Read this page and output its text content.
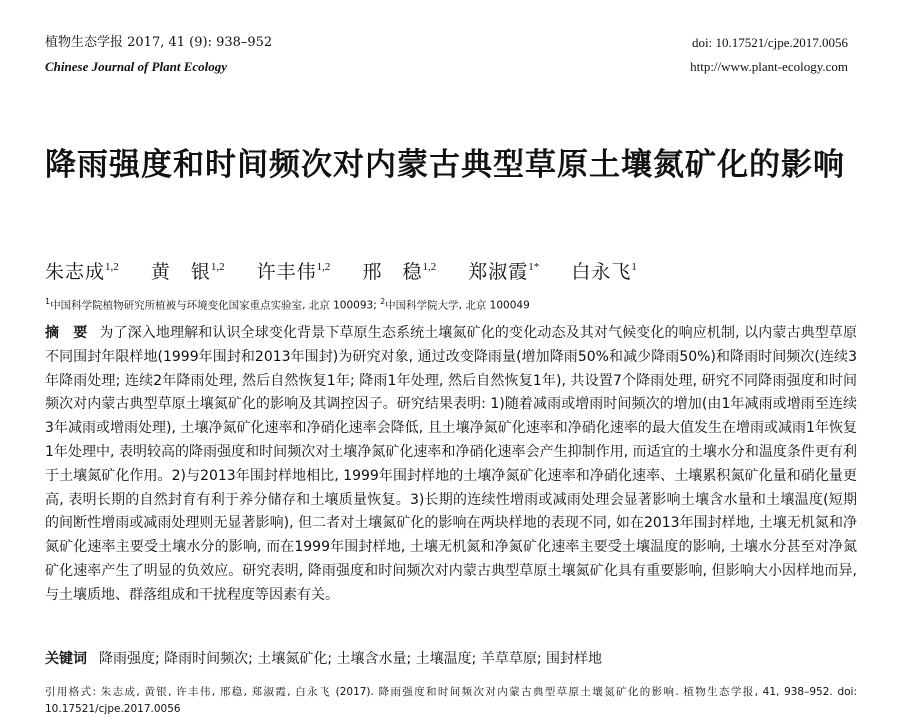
植物生态学报 2017, 41 (9): 938–952
Chinese Journal of Plant Ecology
doi: 10.17521/cjpe.2017.0056
http://www.plant-ecology.com
降雨强度和时间频次对内蒙古典型草原土壤氮矿化的影响
朱志成$^{1,2}$ 黄　银$^{1,2}$ 许丰伟$^{1,2}$ 邢　稳$^{1,2}$ 郑淑霞$^{1*}$ 白永飞$^1$
$^1$中国科学院植物研究所植被与环境变化国家重点实验室, 北京 100093; $^2$中国科学院大学, 北京 100049
摘　要 为了深入地理解和认识全球变化背景下草原生态系统土壤氮矿化的变化动态及其对气候变化的响应机制, 以内蒙古典型草原不同围封年限样地(1999年围封和2013年围封)为研究对象, 通过改变降雨量(增加降雨50%和减少降雨50%)和降雨时间频次(连续3年降雨处理; 连续2年降雨处理, 然后自然恢复1年; 降雨1年处理, 然后自然恢复1年), 共设置7个降雨处理, 研究不同降雨强度和时间频次对内蒙古典型草原土壤氮矿化的影响及其调控因子。研究结果表明: 1)随着减雨或增雨时间频次的增加(由1年减雨或增雨至连续3年减雨或增雨处理), 土壤净氮矿化速率和净硝化速率会降低, 且土壤净氮矿化速率和净硝化速率的最大值发生在增雨或减雨1年恢复1年处理中, 表明较高的降雨强度和时间频次对土壤净氮矿化速率和净硝化速率会产生抑制作用, 而适宜的土壤水分和温度条件更有利于土壤氮矿化作用。2)与2013年围封样地相比, 1999年围封样地的土壤净氮矿化速率和净硝化速率、土壤累积氮矿化量和硝化量更高, 表明长期的自然封育有利于养分储存和土壤质量恢复。3)长期的连续性增雨或减雨处理会显著影响土壤含水量和土壤温度(短期的间断性增雨或减雨处理则无显著影响), 但二者对土壤氮矿化的影响在两块样地的表现不同, 如在2013年围封样地, 土壤无机氮和净氮矿化速率主要受土壤水分的影响, 而在1999年围封样地, 土壤无机氮和净氮矿化速率主要受土壤温度的影响, 土壤水分甚至对净氮矿化速率产生了明显的负效应。研究表明, 降雨强度和时间频次对内蒙古典型草原土壤氮矿化具有重要影响, 但影响大小因样地而异, 与土壤质地、群落组成和干扰程度等因素有关。
关键词 降雨强度; 降雨时间频次; 土壤氮矿化; 土壤含水量; 土壤温度; 羊草草原; 围封样地
引用格式: 朱志成, 黄银, 许丰伟, 邢稳, 郑淑霞, 白永飞 (2017). 降雨强度和时间频次对内蒙古典型草原土壤氮矿化的影响. 植物生态学报, 41, 938–952. doi: 10.17521/cjpe.2017.0056
